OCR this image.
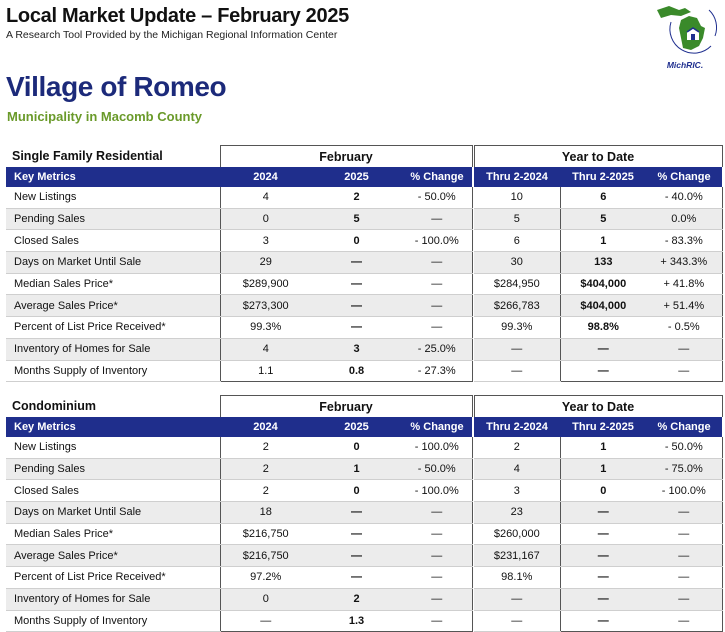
Local Market Update – February 2025
A Research Tool Provided by the Michigan Regional Information Center
MichRIC.
Village of Romeo
Municipality in Macomb County
Single Family Residential	February				Year to Date		
Key Metrics	2024	2025	% Change		Thru 2-2024	Thru 2-2025	% Change
New Listings	4	2	- 50.0%		10	6	- 40.0%
Pending Sales	0	5	—		5	5	0.0%
Closed Sales	3	0	- 100.0%		6	1	- 83.3%
Days on Market Until Sale	29	—	—		30	133	+ 343.3%
Median Sales Price*	$289,900	—	—		$284,950	$404,000	+ 41.8%
Average Sales Price*	$273,300	—	—		$266,783	$404,000	+ 51.4%
Percent of List Price Received*	99.3%	—	—		99.3%	98.8%	- 0.5%
Inventory of Homes for Sale	4	3	- 25.0%		—	—	—
Months Supply of Inventory	1.1	0.8	- 27.3%		—	—	—
Condominium	February				Year to Date		
Key Metrics	2024	2025	% Change		Thru 2-2024	Thru 2-2025	% Change
New Listings	2	0	- 100.0%		2	1	- 50.0%
Pending Sales	2	1	- 50.0%		4	1	- 75.0%
Closed Sales	2	0	- 100.0%		3	0	- 100.0%
Days on Market Until Sale	18	—	—		23	—	—
Median Sales Price*	$216,750	—	—		$260,000	—	—
Average Sales Price*	$216,750	—	—		$231,167	—	—
Percent of List Price Received*	97.2%	—	—		98.1%	—	—
Inventory of Homes for Sale	0	2	—		—	—	—
Months Supply of Inventory	—	1.3	—		—	—	—
